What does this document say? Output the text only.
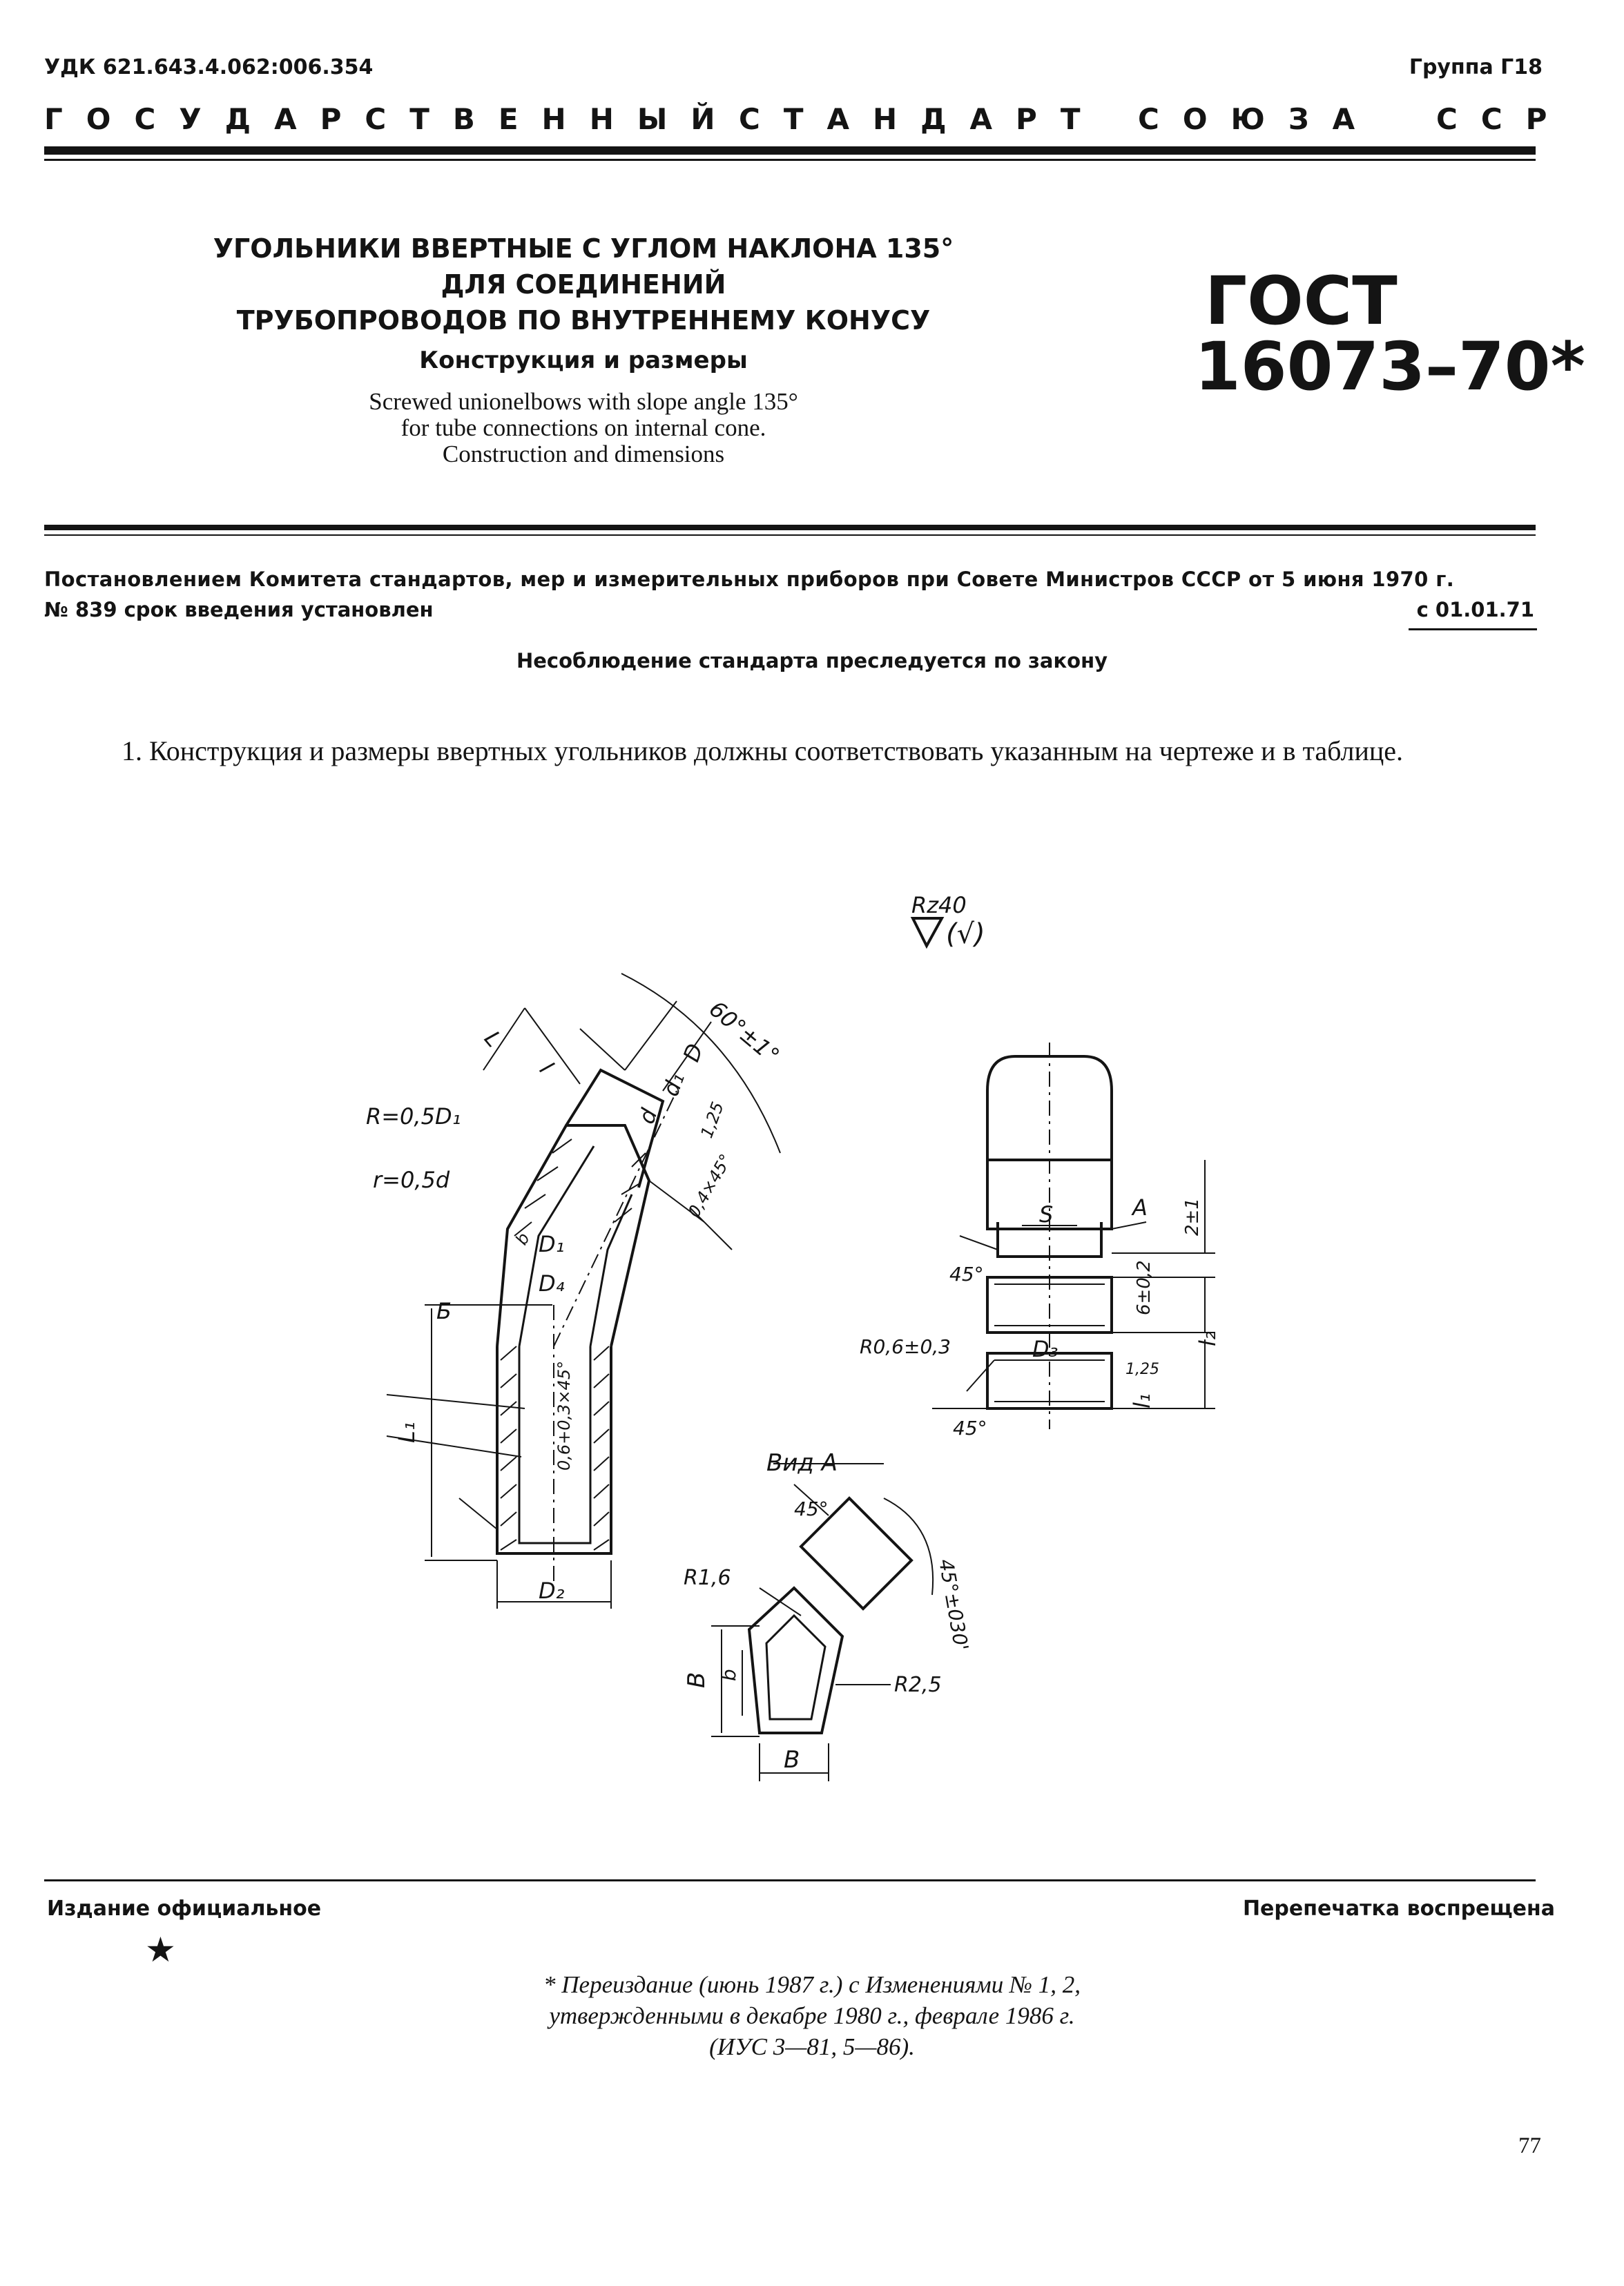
УДК 621.643.4.062:006.354	Группа Г18
ГОСУДАРСТВЕННЫЙ СТАНДАРТ СОЮЗА ССР
УГОЛЬНИКИ ВВЕРТНЫЕ С УГЛОМ НАКЛОНА 135°
ДЛЯ СОЕДИНЕНИЙ
ТРУБОПРОВОДОВ ПО ВНУТРЕННЕМУ КОНУСУ
Конструкция и размеры
Screwed unionelbows with slope angle 135°
for tube connections on internal cone.
Construction and dimensions
ГОСТ
16073–70*
Постановлением Комитета стандартов, мер и измерительных приборов при Совете Министров СССР от 5 июня 1970 г.
№ 839 срок введения установлен	с 01.01.71
Несоблюдение стандарта преследуется по закону
1. Конструкция и размеры ввертных угольников должны соответствовать указанным на чертеже и в таблице.
Rz40
(√)
60°±1°
L
l
D
d₁
d
b
R=0,5D₁
r=0,5d
1,25
0,4×45°
D₁
D₄
L₁
Б
0,6+0,3×45°
D₂
S	A 2±1
45°	6±0,2
R0,6±0,3	D₃
45°
l₂
l₁
1,25
Вид А
45°
R1,6	45°±030'
В b
В
R2,5
Издание официальное	Перепечатка воспрещена
★
* Переиздание (июнь 1987 г.) с Изменениями № 1, 2,
утвержденными в декабре 1980 г., феврале 1986 г.
(ИУС 3—81, 5—86).
77
